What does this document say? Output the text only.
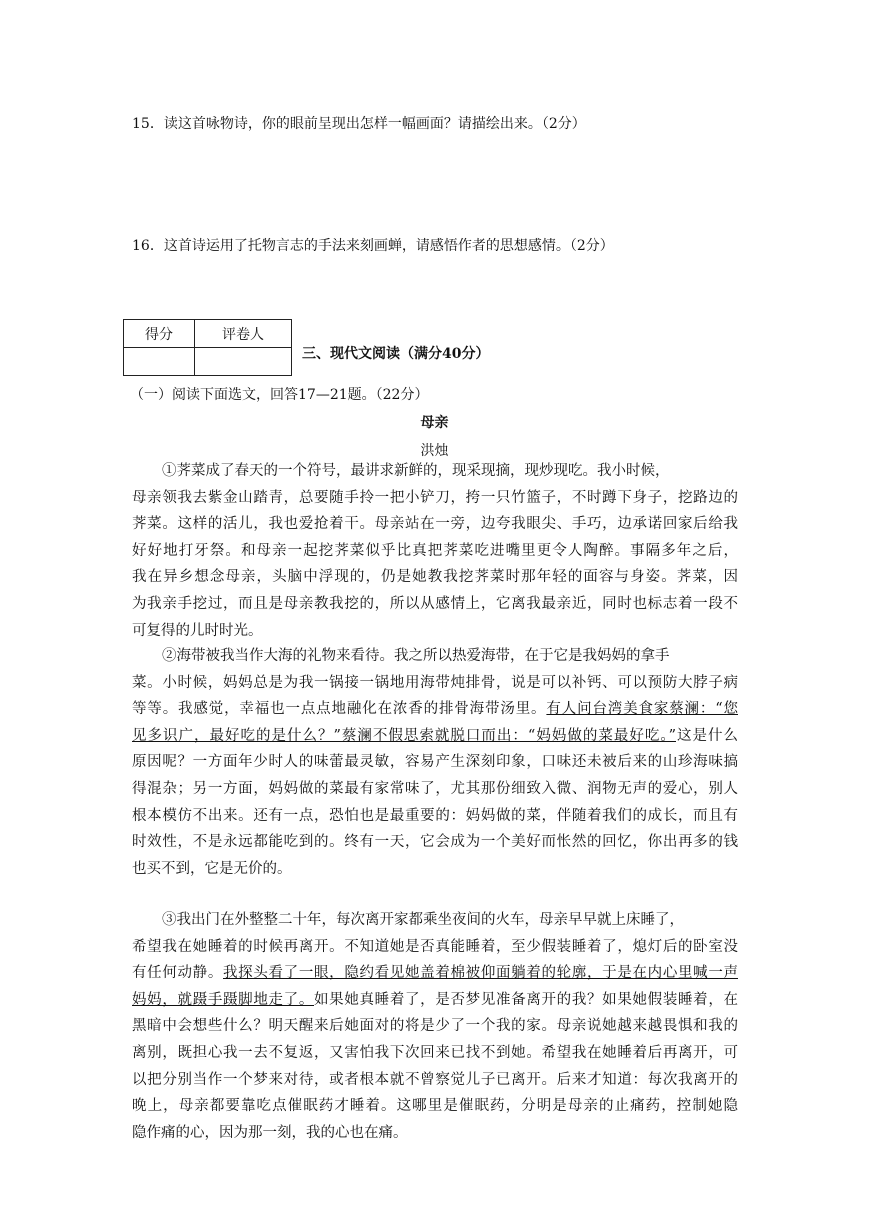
15．读这首咏物诗，你的眼前呈现出怎样一幅画面？请描绘出来。（2分）
16．这首诗运用了托物言志的手法来刻画蝉，请感悟作者的思想感情。（2分）
得分	评卷人

三、现代文阅读（满分40分）
（一）阅读下面选文，回答17—21题。（22分）
母亲
洪烛
①荠菜成了春天的一个符号，最讲求新鲜的，现采现摘，现炒现吃。我小时候，
母亲领我去紫金山踏青，总要随手拎一把小铲刀，挎一只竹篮子，不时蹲下身子，挖路边的
荠菜。这样的活儿，我也爱抢着干。母亲站在一旁，边夸我眼尖、手巧，边承诺回家后给我
好好地打牙祭。和母亲一起挖荠菜似乎比真把荠菜吃进嘴里更令人陶醉。事隔多年之后，
我在异乡想念母亲，头脑中浮现的，仍是她教我挖荠菜时那年轻的面容与身姿。荠菜，因
为我亲手挖过，而且是母亲教我挖的，所以从感情上，它离我最亲近，同时也标志着一段不
可复得的儿时时光。
②海带被我当作大海的礼物来看待。我之所以热爱海带，在于它是我妈妈的拿手
菜。小时候，妈妈总是为我一锅接一锅地用海带炖排骨，说是可以补钙、可以预防大脖子病
等等。我感觉，幸福也一点点地融化在浓香的排骨海带汤里。有人问台湾美食家蔡澜：“您
见多识广，最好吃的是什么？”蔡澜不假思索就脱口而出：“妈妈做的菜最好吃。”这是什么
原因呢？一方面年少时人的味蕾最灵敏，容易产生深刻印象，口味还未被后来的山珍海味搞
得混杂；另一方面，妈妈做的菜最有家常味了，尤其那份细致入微、润物无声的爱心，别人
根本模仿不出来。还有一点，恐怕也是最重要的：妈妈做的菜，伴随着我们的成长，而且有
时效性，不是永远都能吃到的。终有一天，它会成为一个美好而怅然的回忆，你出再多的钱
也买不到，它是无价的。
③我出门在外整整二十年，每次离开家都乘坐夜间的火车，母亲早早就上床睡了，
希望我在她睡着的时候再离开。不知道她是否真能睡着，至少假装睡着了，熄灯后的卧室没
有任何动静。我探头看了一眼，隐约看见她盖着棉被仰面躺着的轮廓，于是在内心里喊一声
妈妈，就蹑手蹑脚地走了。如果她真睡着了，是否梦见准备离开的我？如果她假装睡着，在
黑暗中会想些什么？明天醒来后她面对的将是少了一个我的家。母亲说她越来越畏惧和我的
离别，既担心我一去不复返，又害怕我下次回来已找不到她。希望我在她睡着后再离开，可
以把分别当作一个梦来对待，或者根本就不曾察觉儿子已离开。后来才知道：每次我离开的
晚上，母亲都要靠吃点催眠药才睡着。这哪里是催眠药，分明是母亲的止痛药，控制她隐
隐作痛的心，因为那一刻，我的心也在痛。
